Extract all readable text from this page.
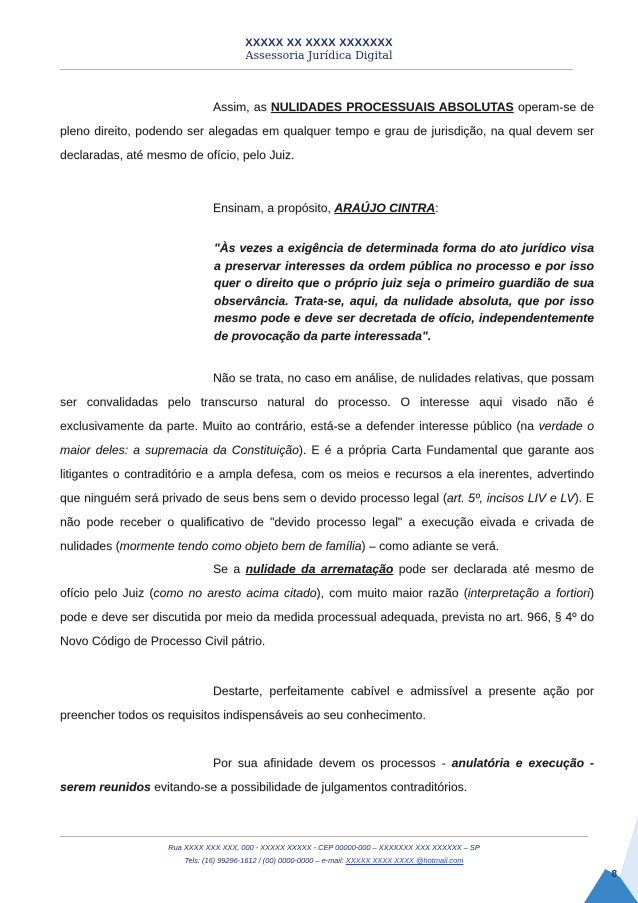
XXXXX XX XXXX XXXXXXX
Assessoria Jurídica Digital

Assim, as NULIDADES PROCESSUAIS ABSOLUTAS operam-se de pleno direito, podendo ser alegadas em qualquer tempo e grau de jurisdição, na qual devem ser declaradas, até mesmo de ofício, pelo Juiz.

Ensinam, a propósito, ARAÚJO CINTRA:

"Às vezes a exigência de determinada forma do ato jurídico visa a preservar interesses da ordem pública no processo e por isso quer o direito que o próprio juiz seja o primeiro guardião de sua observância. Trata-se, aqui, da nulidade absoluta, que por isso mesmo pode e deve ser decretada de ofício, independentemente de provocação da parte interessada".

Não se trata, no caso em análise, de nulidades relativas, que possam ser convalidadas pelo transcurso natural do processo. O interesse aqui visado não é exclusivamente da parte. Muito ao contrário, está-se a defender interesse público (na verdade o maior deles: a supremacia da Constituição). E é a própria Carta Fundamental que garante aos litigantes o contraditório e a ampla defesa, com os meios e recursos a ela inerentes, advertindo que ninguém será privado de seus bens sem o devido processo legal (art. 5º, incisos LIV e LV). E não pode receber o qualificativo de "devido processo legal" a execução eivada e crivada de nulidades (mormente tendo como objeto bem de família) – como adiante se verá.

Se a nulidade da arrematação pode ser declarada até mesmo de ofício pelo Juiz (como no aresto acima citado), com muito maior razão (interpretação a fortiori) pode e deve ser discutida por meio da medida processual adequada, prevista no art. 966, § 4º do Novo Código de Processo Civil pátrio.

Destarte, perfeitamente cabível e admissível a presente ação por preencher todos os requisitos indispensáveis ao seu conhecimento.

Por sua afinidade devem os processos - anulatória e execução - serem reunidos evitando-se a possibilidade de julgamentos contraditórios.

Rua XXXX XXX XXX, 000 - XXXXX XXXXX - CEP 00000-000 – XXXXXXX XXX XXXXXX – SP
Tels: (16) 99296-1612 / (00) 0000-0000 – e-mail: XXXXX XXXX XXXX @hotmail.com
8
